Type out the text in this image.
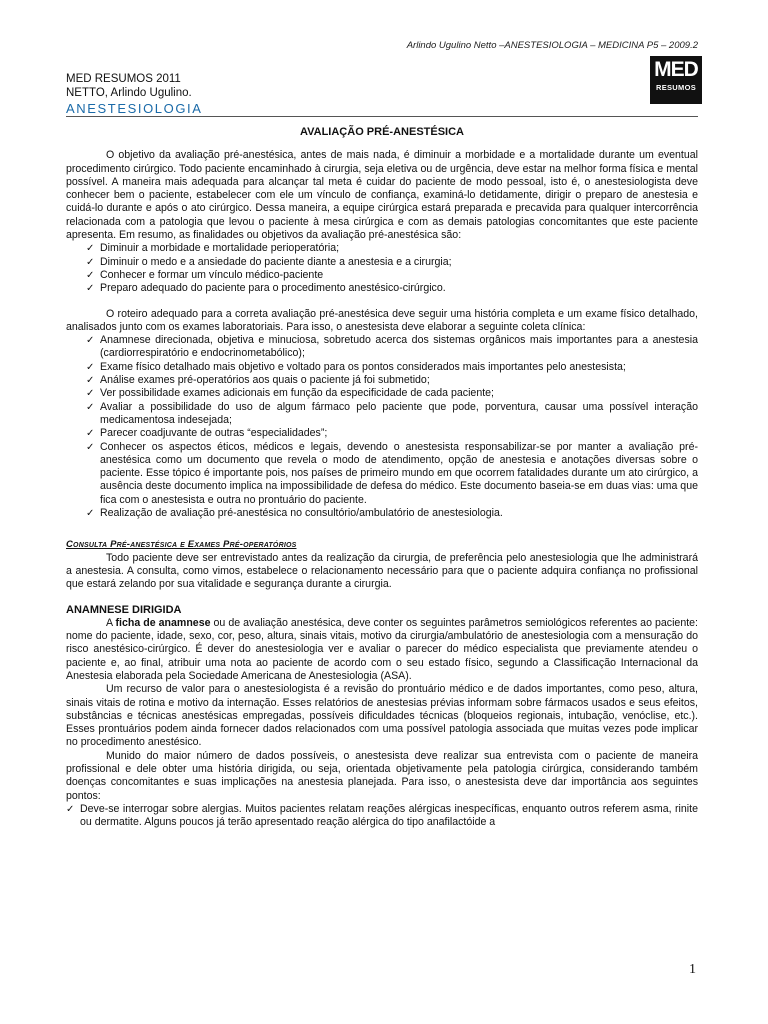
Arlindo Ugulino Netto –ANESTESIOLOGIA – MEDICINA P5 – 2009.2
MED RESUMOS 2011
NETTO, Arlindo Ugulino.
ANESTESIOLOGIA
MED
RESUMOS
AVALIAÇÃO PRÉ-ANESTÉSICA

O objetivo da avaliação pré-anestésica, antes de mais nada, é diminuir a morbidade e a mortalidade durante um eventual procedimento cirúrgico. Todo paciente encaminhado à cirurgia, seja eletiva ou de urgência, deve estar na melhor forma física e mental possível. A maneira mais adequada para alcançar tal meta é cuidar do paciente de modo pessoal, isto é, o anestesiologista deve conhecer bem o paciente, estabelecer com ele um vínculo de confiança, examiná-lo detidamente, dirigir o preparo de anestesia e cuidá-lo durante e após o ato cirúrgico. Dessa maneira, a equipe cirúrgica estará preparada e precavida para qualquer intercorrência relacionada com a patologia que levou o paciente à mesa cirúrgica e com as demais patologias concomitantes que este paciente apresenta. Em resumo, as finalidades ou objetivos da avaliação pré-anestésica são:

✓ Diminuir a morbidade e mortalidade perioperatória;
✓ Diminuir o medo e a ansiedade do paciente diante a anestesia e a cirurgia;
✓ Conhecer e formar um vínculo médico-paciente
✓ Preparo adequado do paciente para o procedimento anestésico-cirúrgico.

O roteiro adequado para a correta avaliação pré-anestésica deve seguir uma história completa e um exame físico detalhado, analisados junto com os exames laboratoriais. Para isso, o anestesista deve elaborar a seguinte coleta clínica:

✓ Anamnese direcionada, objetiva e minuciosa, sobretudo acerca dos sistemas orgânicos mais importantes para a anestesia (cardiorrespiratório e endocrinometabólico);
✓ Exame físico detalhado mais objetivo e voltado para os pontos considerados mais importantes pelo anestesista;
✓ Análise exames pré-operatórios aos quais o paciente já foi submetido;
✓ Ver possibilidade exames adicionais em função da especificidade de cada paciente;
✓ Avaliar a possibilidade do uso de algum fármaco pelo paciente que pode, porventura, causar uma possível interação medicamentosa indesejada;
✓ Parecer coadjuvante de outras “especialidades”;
✓ Conhecer os aspectos éticos, médicos e legais, devendo o anestesista responsabilizar-se por manter a avaliação pré-anestésica como um documento que revela o modo de atendimento, opção de anestesia e anotações diversas sobre o paciente. Esse tópico é importante pois, nos países de primeiro mundo em que ocorrem fatalidades durante um ato cirúrgico, a ausência deste documento implica na impossibilidade de defesa do médico. Este documento baseia-se em duas vias: uma que fica com o anestesista e outra no prontuário do paciente.
✓ Realização de avaliação pré-anestésica no consultório/ambulatório de anestesiologia.
Consulta Pré-anestésica e Exames Pré-operatórios

Todo paciente deve ser entrevistado antes da realização da cirurgia, de preferência pelo anestesiologia que lhe administrará a anestesia. A consulta, como vimos, estabelece o relacionamento necessário para que o paciente adquira confiança no profissional que estará zelando por sua vitalidade e segurança durante a cirurgia.

ANAMNESE DIRIGIDA

A ficha de anamnese ou de avaliação anestésica, deve conter os seguintes parâmetros semiológicos referentes ao paciente: nome do paciente, idade, sexo, cor, peso, altura, sinais vitais, motivo da cirurgia/ambulatório de anestesiologia com a mensuração do risco anestésico-cirúrgico. É dever do anestesiologia ver e avaliar o parecer do médico especialista que previamente atendeu o paciente e, ao final, atribuir uma nota ao paciente de acordo com o seu estado físico, segundo a Classificação Internacional da Anestesia elaborada pela Sociedade Americana de Anestesiologia (ASA).

Um recurso de valor para o anestesiologista é a revisão do prontuário médico e de dados importantes, como peso, altura, sinais vitais de rotina e motivo da internação. Esses relatórios de anestesias prévias informam sobre fármacos usados e seus efeitos, substâncias e técnicas anestésicas empregadas, possíveis dificuldades técnicas (bloqueios regionais, intubação, venóclise, etc.). Esses prontuários podem ainda fornecer dados relacionados com uma possível patologia associada que muitas vezes pode implicar no procedimento anestésico.

Munido do maior número de dados possíveis, o anestesista deve realizar sua entrevista com o paciente de maneira profissional e dele obter uma história dirigida, ou seja, orientada objetivamente pela patologia cirúrgica, considerando também doenças concomitantes e suas implicações na anestesia planejada. Para isso, o anestesista deve dar importância aos seguintes pontos:

✓ Deve-se interrogar sobre alergias. Muitos pacientes relatam reações alérgicas inespecíficas, enquanto outros referem asma, rinite ou dermatite. Alguns poucos já terão apresentado reação alérgica do tipo anafilactóide a
1
